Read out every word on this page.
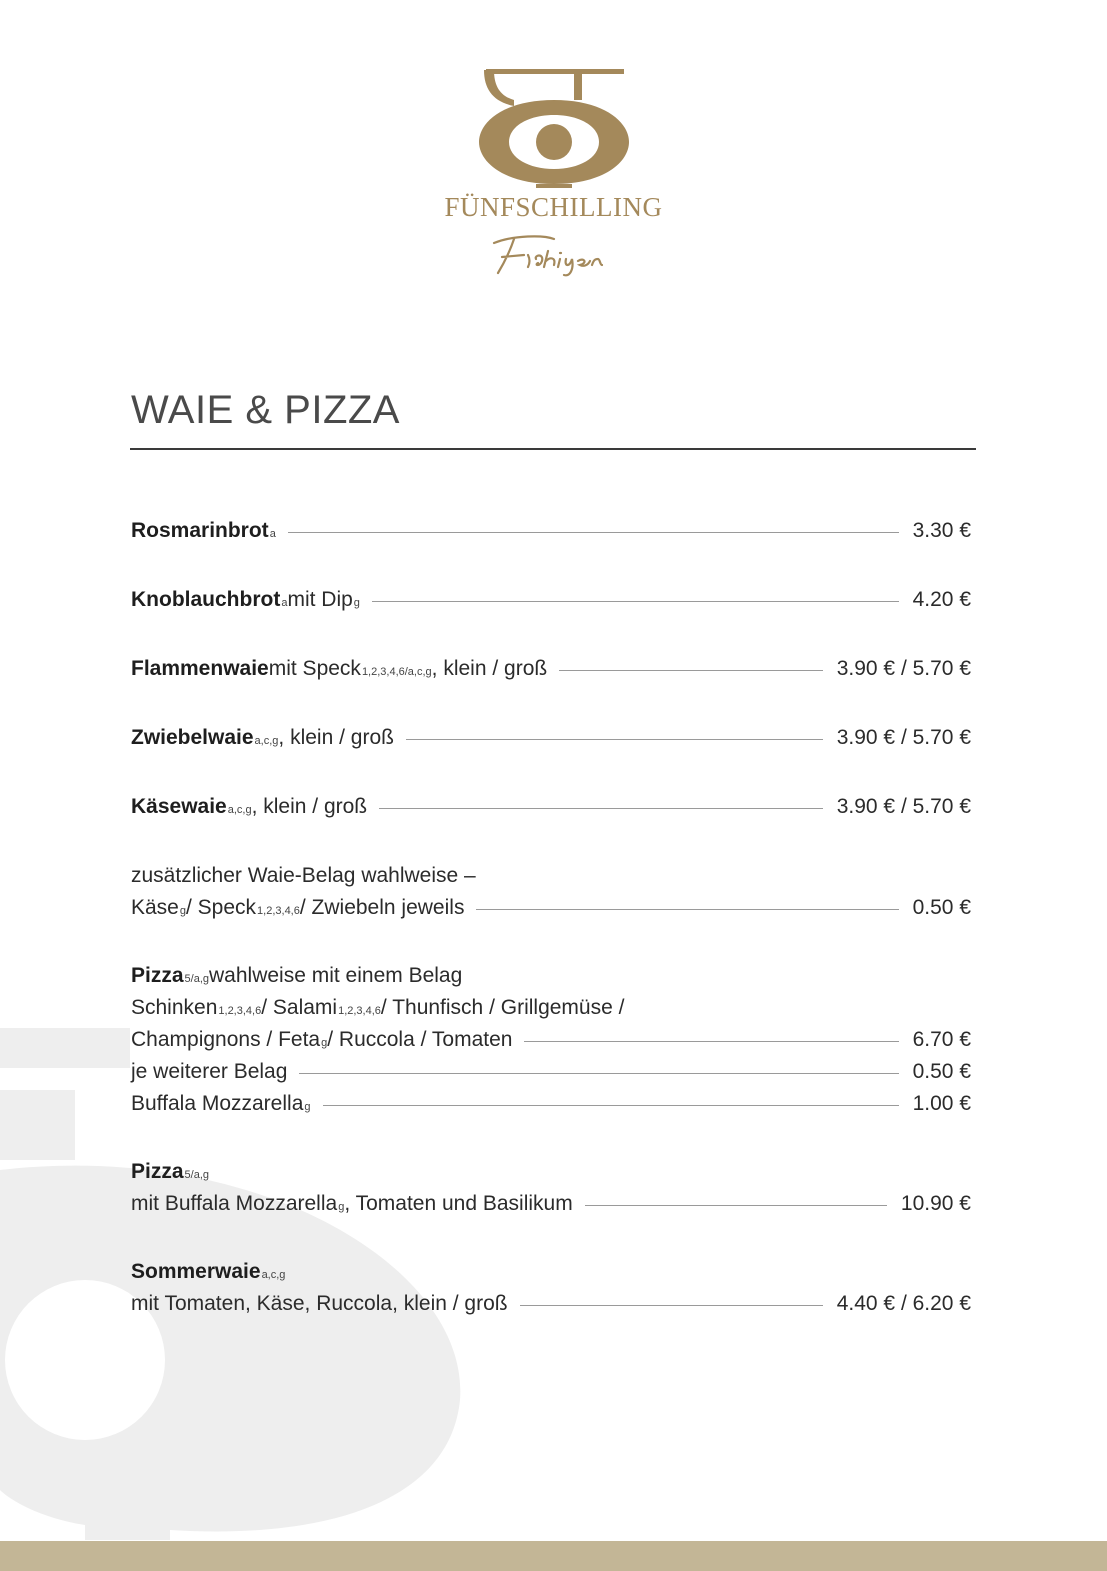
FÜNFSCHILLING
WAIE & PIZZA
Rosmarinbrot a	3.30 €
Knoblauchbrot a mit Dip g	4.20 €
Flammenwaie mit Speck 1,2,3,4,6/a,c,g , klein / groß	3.90 € / 5.70 €
Zwiebelwaie a,c,g , klein / groß	3.90 € / 5.70 €
Käsewaie a,c,g , klein / groß	3.90 € / 5.70 €
zusätzlicher Waie-Belag wahlweise –
Käse g / Speck 1,2,3,4,6 / Zwiebeln jeweils	0.50 €
Pizza 5/a,g wahlweise mit einem Belag
Schinken 1,2,3,4,6 / Salami 1,2,3,4,6 / Thunfisch / Grillgemüse /
Champignons / Feta g / Ruccola / Tomaten	6.70 €
je weiterer Belag	0.50 €
Buffala Mozzarella g	1.00 €
Pizza 5/a,g
mit Buffala Mozzarella g , Tomaten und Basilikum	10.90 €
Sommerwaie a,c,g
mit Tomaten, Käse, Ruccola, klein / groß	4.40 € / 6.20 €
